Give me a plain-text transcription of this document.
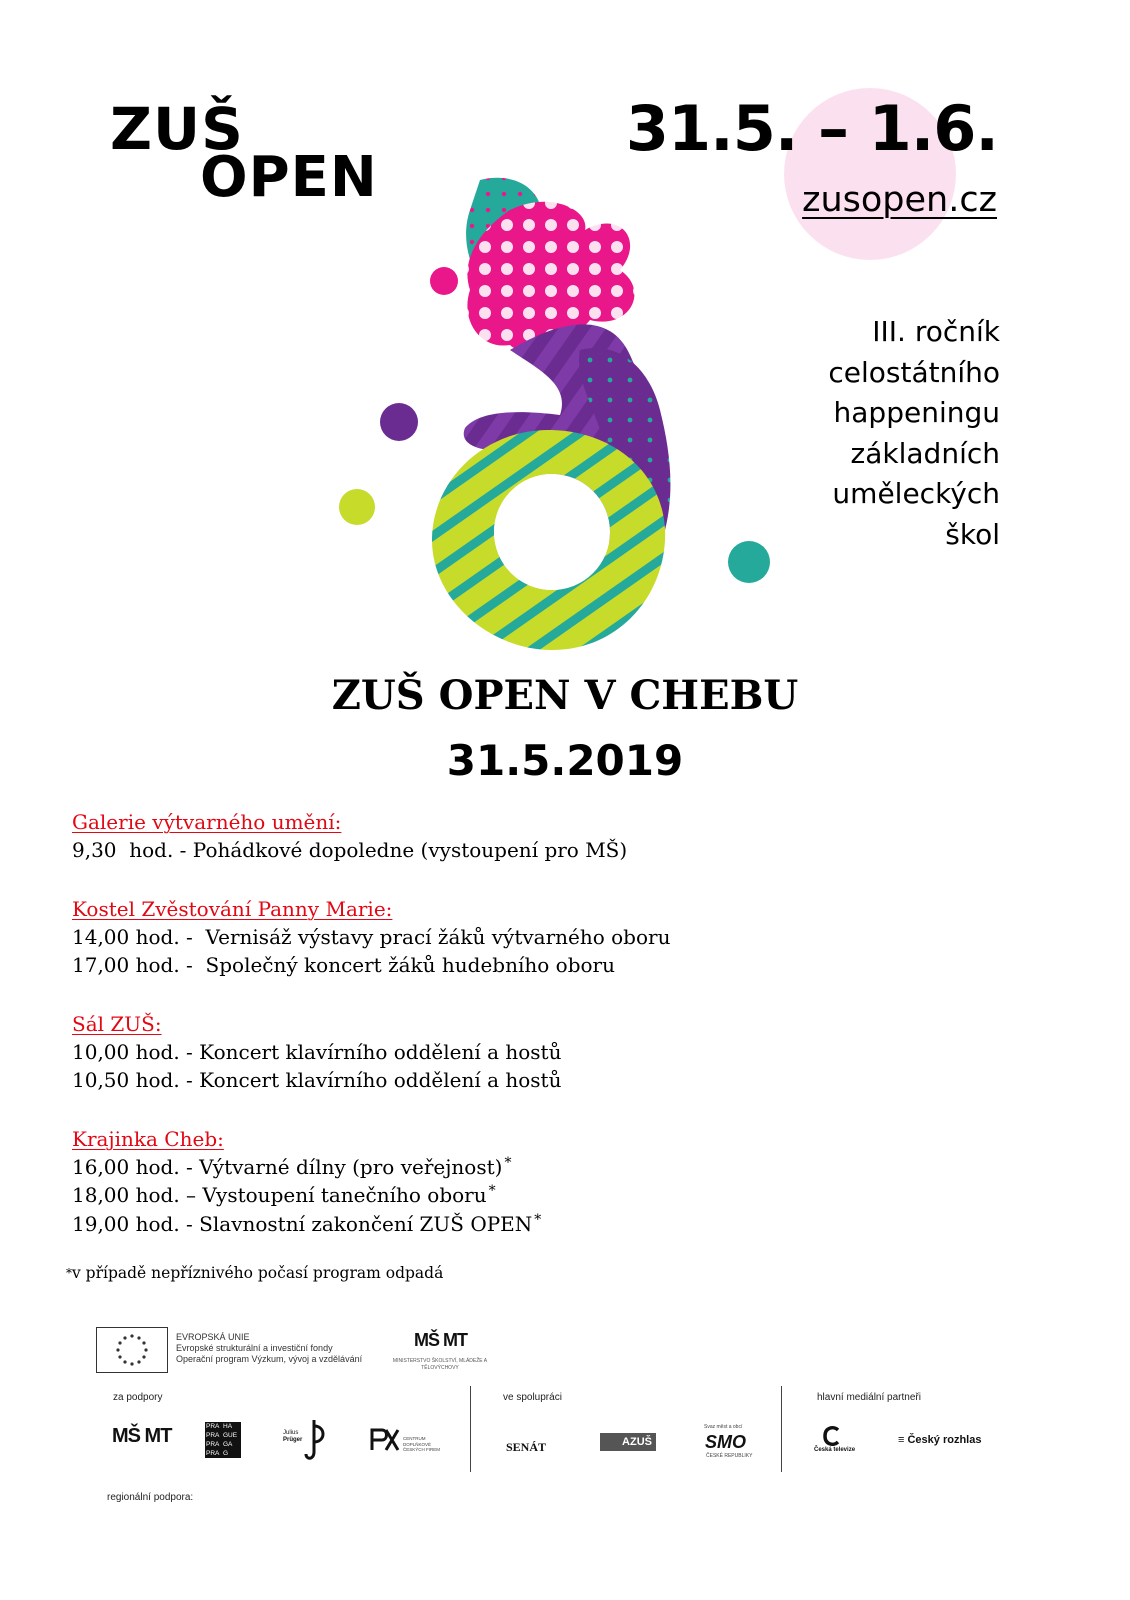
ZUŠ
OPEN
31.5. – 1.6.
zusopen.cz
III. ročník
celostátního
happeningu
základních
uměleckých
škol
ZUŠ OPEN V CHEBU
31.5.2019
Galerie výtvarného umění:
9,30  hod. - Pohádkové dopoledne (vystoupení pro MŠ)
Kostel Zvěstování Panny Marie:
14,00 hod. -  Vernisáž výstavy prací žáků výtvarného oboru
17,00 hod. -  Společný koncert žáků hudebního oboru
Sál ZUŠ:
10,00 hod. - Koncert klavírního oddělení a hostů
10,50 hod. - Koncert klavírního oddělení a hostů
Krajinka Cheb:
16,00 hod. - Výtvarné dílny (pro veřejnost) *
18,00 hod. – Vystoupení tanečního oboru *
19,00 hod. - Slavnostní zakončení ZUŠ OPEN *
*v případě nepříznivého počasí program odpadá
EVROPSKÁ UNIE
Evropské strukturální a investiční fondy
Operační program Výzkum, vývoj a vzdělávání
MŠ MT
MINISTERSTVO ŠKOLSTVÍ, MLÁDEŽE A TĚLOVÝCHOVY
za podpory	ve spolupráci	hlavní mediální partneři
regionální podpora:
MŠ MT	PRA HA
PRA GUE
PRA GA
PRA G
Julius
Prüger	CENTRUM DOPLŇKOVÉ ČESKÝCH FIREM	SENÁT	AZUŠ
Svaz měst a obcí
SMO
ČESKÉ REPUBLIKY
Česká televize
≡ Český rozhlas
